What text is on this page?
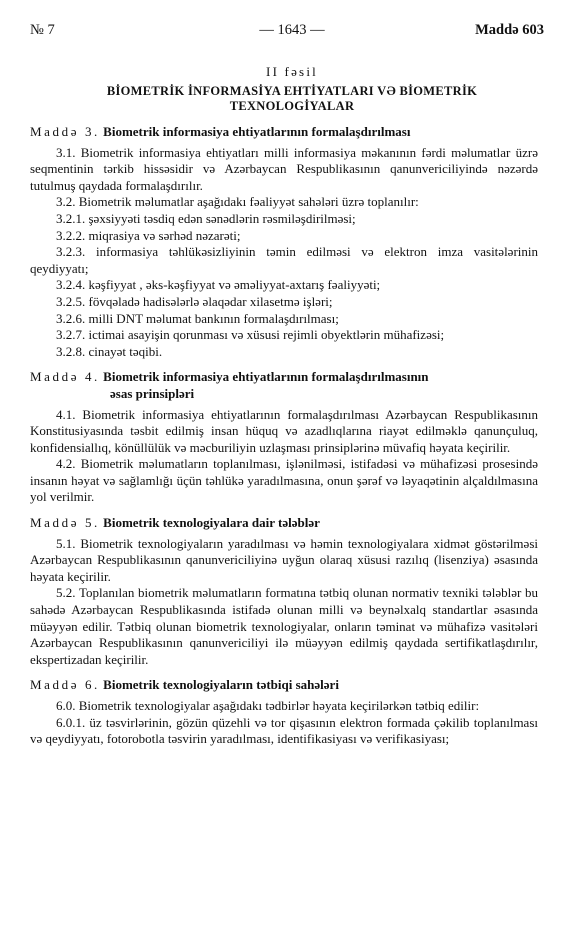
№ 7	— 1643 —	Maddə 603
II fəsil
BİOMETRİK İNFORMASİYA EHTİYATLARI VƏ BİOMETRİK
TEXNOLOGİYALAR
Maddə 3. Biometrik informasiya ehtiyatlarının formalaşdırılması

3.1. Biometrik informasiya ehtiyatları milli informasiya məkanının fərdi məlumatlar üzrə seqmentinin tərkib hissəsidir və Azərbaycan Respublikasının qanunvericiliyində nəzərdə tutulmuş qaydada formalaşdırılır.

3.2. Biometrik məlumatlar aşağıdakı fəaliyyət sahələri üzrə toplanılır:

3.2.1. şəxsiyyəti təsdiq edən sənədlərin rəsmiləşdirilməsi;

3.2.2. miqrasiya və sərhəd nəzarəti;

3.2.3. informasiya təhlükəsizliyinin təmin edilməsi və elektron imza vasitələrinin qeydiyyatı;

3.2.4. kəşfiyyat , əks-kəşfiyyat və əməliyyat-axtarış fəaliyyəti;

3.2.5. fövqəladə hadisələrlə əlaqədar xilasetmə işləri;

3.2.6. milli DNT məlumat bankının formalaşdırılması;

3.2.7. ictimai asayişin qorunması və xüsusi rejimli obyektlərin mühafizəsi;

3.2.8. cinayət təqibi.

Maddə 4. Biometrik informasiya ehtiyatlarının formalaşdırılmasının
əsas prinsipləri

4.1. Biometrik informasiya ehtiyatlarının formalaşdırılması Azərbaycan Respublikasının Konstitusiyasında təsbit edilmiş insan hüquq və azadlıqlarına riayət edilməklə qanunçuluq, konfidensiallıq, könüllülük və məcburiliyin uzlaşması prinsiplərinə müvafiq həyata keçirilir.

4.2. Biometrik məlumatların toplanılması, işlənilməsi, istifadəsi və mühafizəsi prosesində insanın həyat və sağlamlığı üçün təhlükə yaradılmasına, onun şərəf və ləyaqətinin alçaldılmasına yol verilmir.

Maddə 5. Biometrik texnologiyalara dair tələblər

5.1. Biometrik texnologiyaların yaradılması və həmin texnologiyalara xidmət göstərilməsi Azərbaycan Respublikasının qanunvericiliyinə uyğun olaraq xüsusi razılıq (lisenziya) əsasında həyata keçirilir.

5.2. Toplanılan biometrik məlumatların formatına tətbiq olunan normativ texniki tələblər bu sahədə Azərbaycan Respublikasında istifadə olunan milli və beynəlxalq standartlar əsasında müəyyən edilir. Tətbiq olunan biometrik texnologiyalar, onların təminat və mühafizə vasitələri Azərbaycan Respublikasının qanunvericiliyi ilə müəyyən edilmiş qaydada sertifikatlaşdırılır, ekspertizadan keçirilir.

Maddə 6. Biometrik texnologiyaların tətbiqi sahələri

6.0. Biometrik texnologiyalar aşağıdakı tədbirlər həyata keçirilərkən tətbiq edilir:

6.0.1. üz təsvirlərinin, gözün qüzehli və tor qişasının elektron formada çəkilib toplanılması və qeydiyyatı, fotorobotla təsvirin yaradılması, identifikasiyası və verifikasiyası;
